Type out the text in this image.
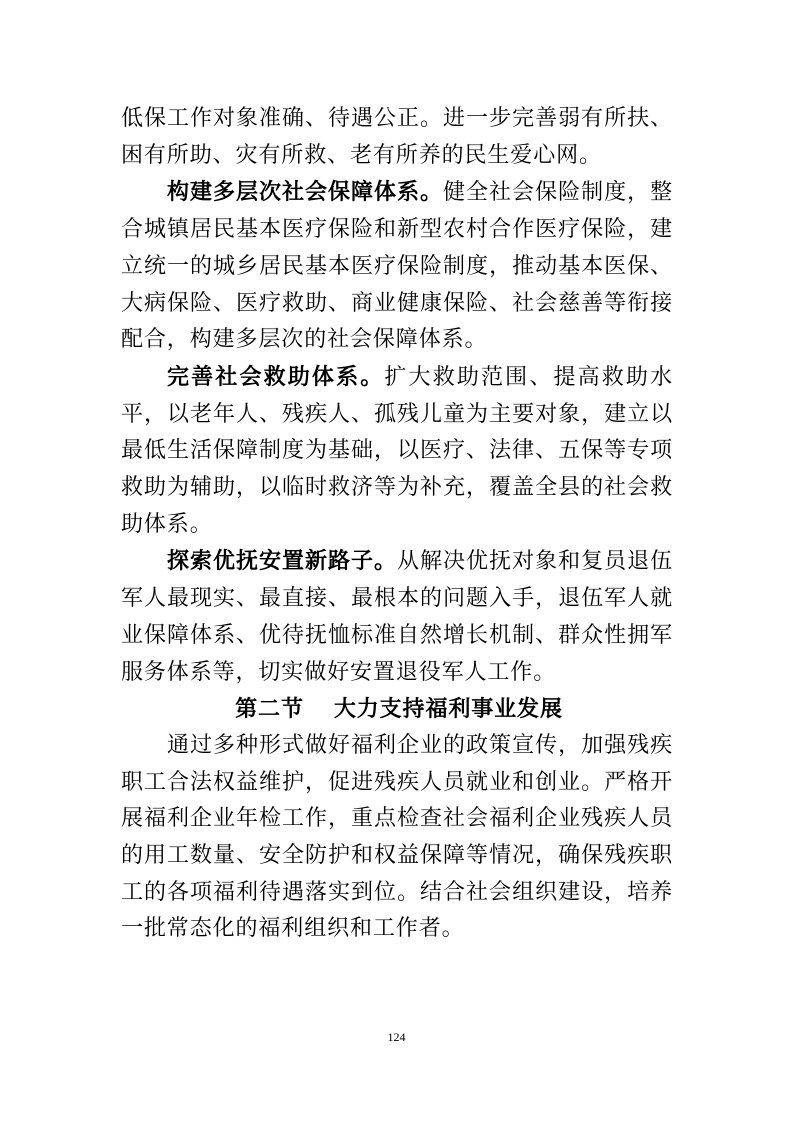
低保工作对象准确、待遇公正。进一步完善弱有所扶、困有所助、灾有所救、老有所养的民生爱心网。

构建多层次社会保障体系。健全社会保险制度，整合城镇居民基本医疗保险和新型农村合作医疗保险，建立统一的城乡居民基本医疗保险制度，推动基本医保、大病保险、医疗救助、商业健康保险、社会慈善等衔接配合，构建多层次的社会保障体系。

完善社会救助体系。扩大救助范围、提高救助水平，以老年人、残疾人、孤残儿童为主要对象，建立以最低生活保障制度为基础，以医疗、法律、五保等专项救助为辅助，以临时救济等为补充，覆盖全县的社会救助体系。

探索优抚安置新路子。从解决优抚对象和复员退伍军人最现实、最直接、最根本的问题入手，退伍军人就业保障体系、优待抚恤标准自然增长机制、群众性拥军服务体系等，切实做好安置退役军人工作。

第二节 大力支持福利事业发展

通过多种形式做好福利企业的政策宣传，加强残疾职工合法权益维护，促进残疾人员就业和创业。严格开展福利企业年检工作，重点检查社会福利企业残疾人员的用工数量、安全防护和权益保障等情况，确保残疾职工的各项福利待遇落实到位。结合社会组织建设，培养一批常态化的福利组织和工作者。

124
